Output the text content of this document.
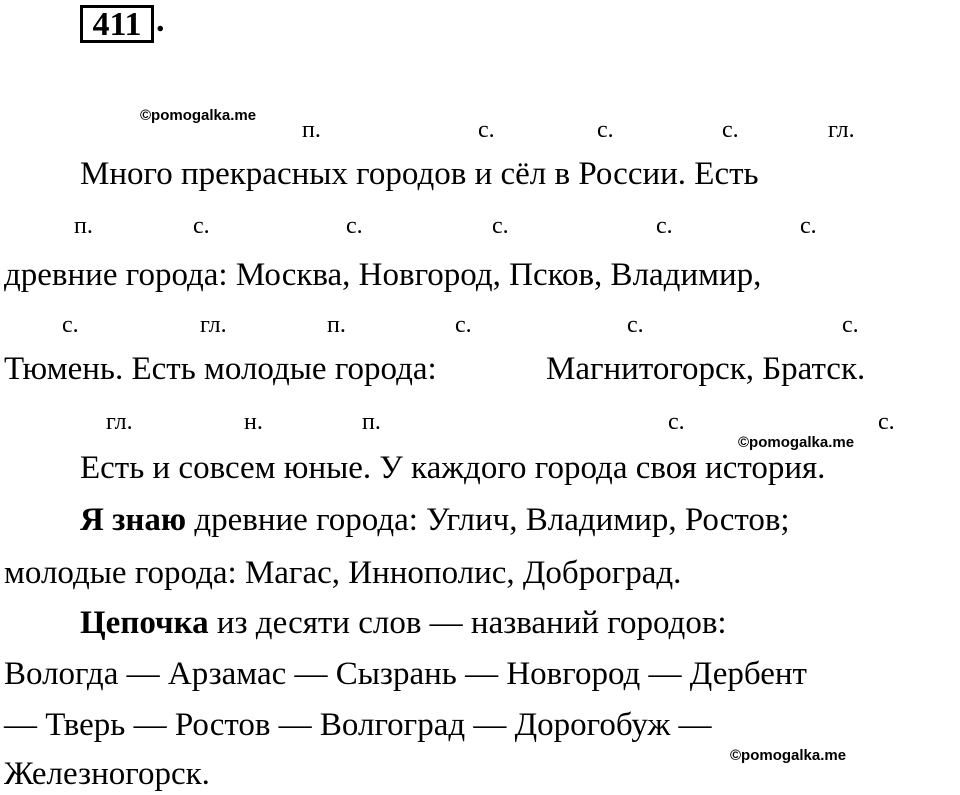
411 .
©pomogalka.me
©pomogalka.me
©pomogalka.me
п.	с.	с.	с.	гл.
Много прекрасных городов и сёл в России. Есть
п.	с.	с.	с.	с.	с.
древние города: Москва, Новгород, Псков, Владимир,
с.	гл.	п.	с.	с.	с.
Тюмень. Есть молодые города:	Магнитогорск, Братск.
гл.	н.	п.	с.	с.
Есть и совсем юные. У каждого города своя история.
Я знаю древние города: Углич, Владимир, Ростов;
молодые города: Магас, Иннополис, Доброград.
Цепочка из десяти слов — названий городов:
Вологда — Арзамас — Сызрань — Новгород — Дербент
— Тверь — Ростов — Волгоград — Дорогобуж —
Железногорск.
